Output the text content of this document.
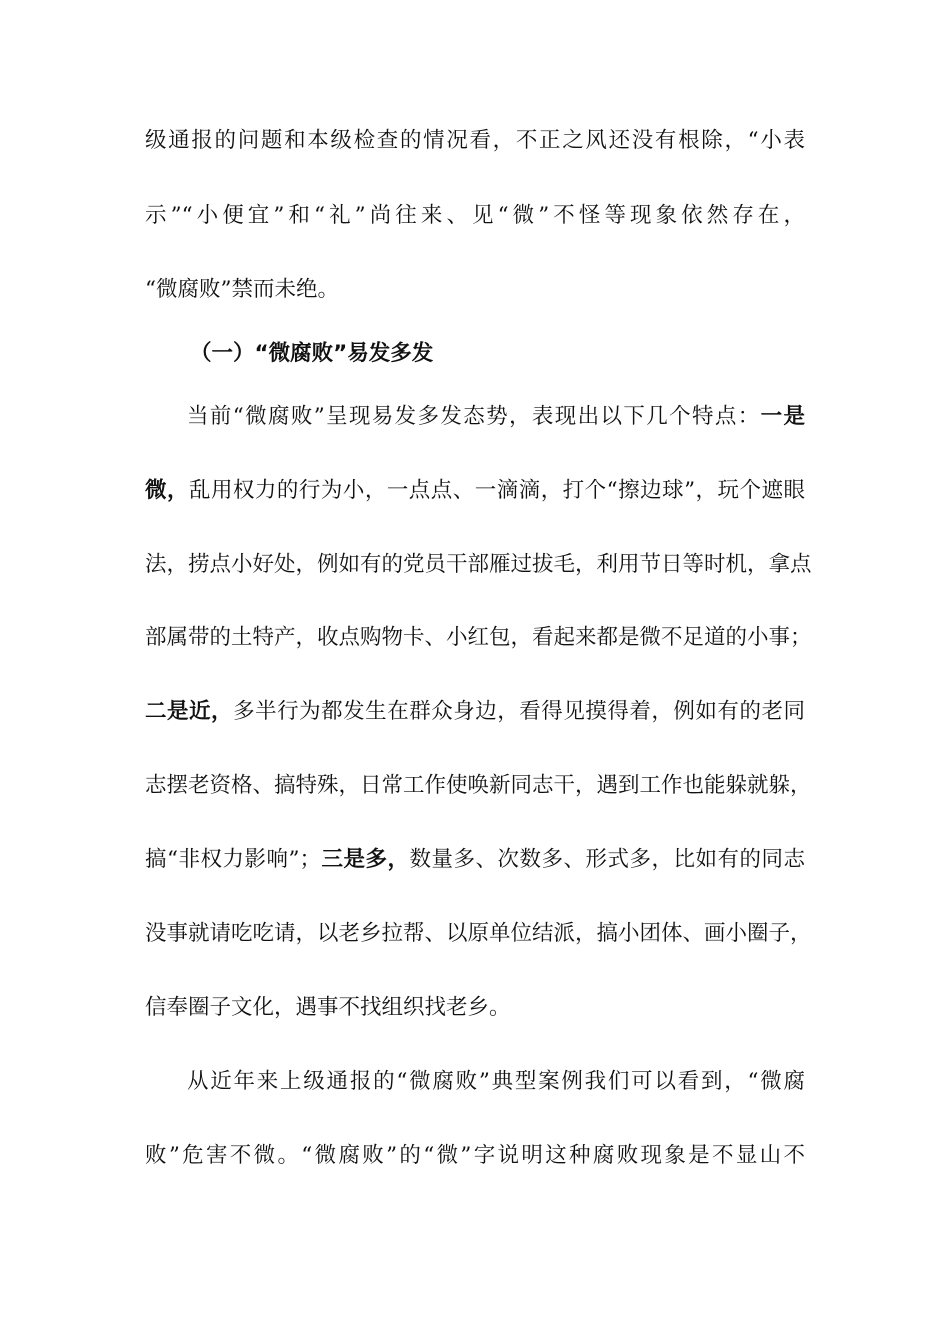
级通报的问题和本级检查的情况看，不正之风还没有根除，“小表
示”“小便宜”和“礼”尚往来、见“微”不怪等现象依然存在，
“微腐败”禁而未绝。
（一）“微腐败”易发多发
当前“微腐败”呈现易发多发态势，表现出以下几个特点：一是
微，乱用权力的行为小，一点点、一滴滴，打个“擦边球”，玩个遮眼
法，捞点小好处，例如有的党员干部雁过拔毛，利用节日等时机，拿点
部属带的土特产，收点购物卡、小红包，看起来都是微不足道的小事；
二是近，多半行为都发生在群众身边，看得见摸得着，例如有的老同
志摆老资格、搞特殊，日常工作使唤新同志干，遇到工作也能躲就躲，
搞“非权力影响”；三是多，数量多、次数多、形式多，比如有的同志
没事就请吃吃请，以老乡拉帮、以原单位结派，搞小团体、画小圈子，
信奉圈子文化，遇事不找组织找老乡。
从近年来上级通报的“微腐败”典型案例我们可以看到，“微腐
败”危害不微。“微腐败”的“微”字说明这种腐败现象是不显山不
